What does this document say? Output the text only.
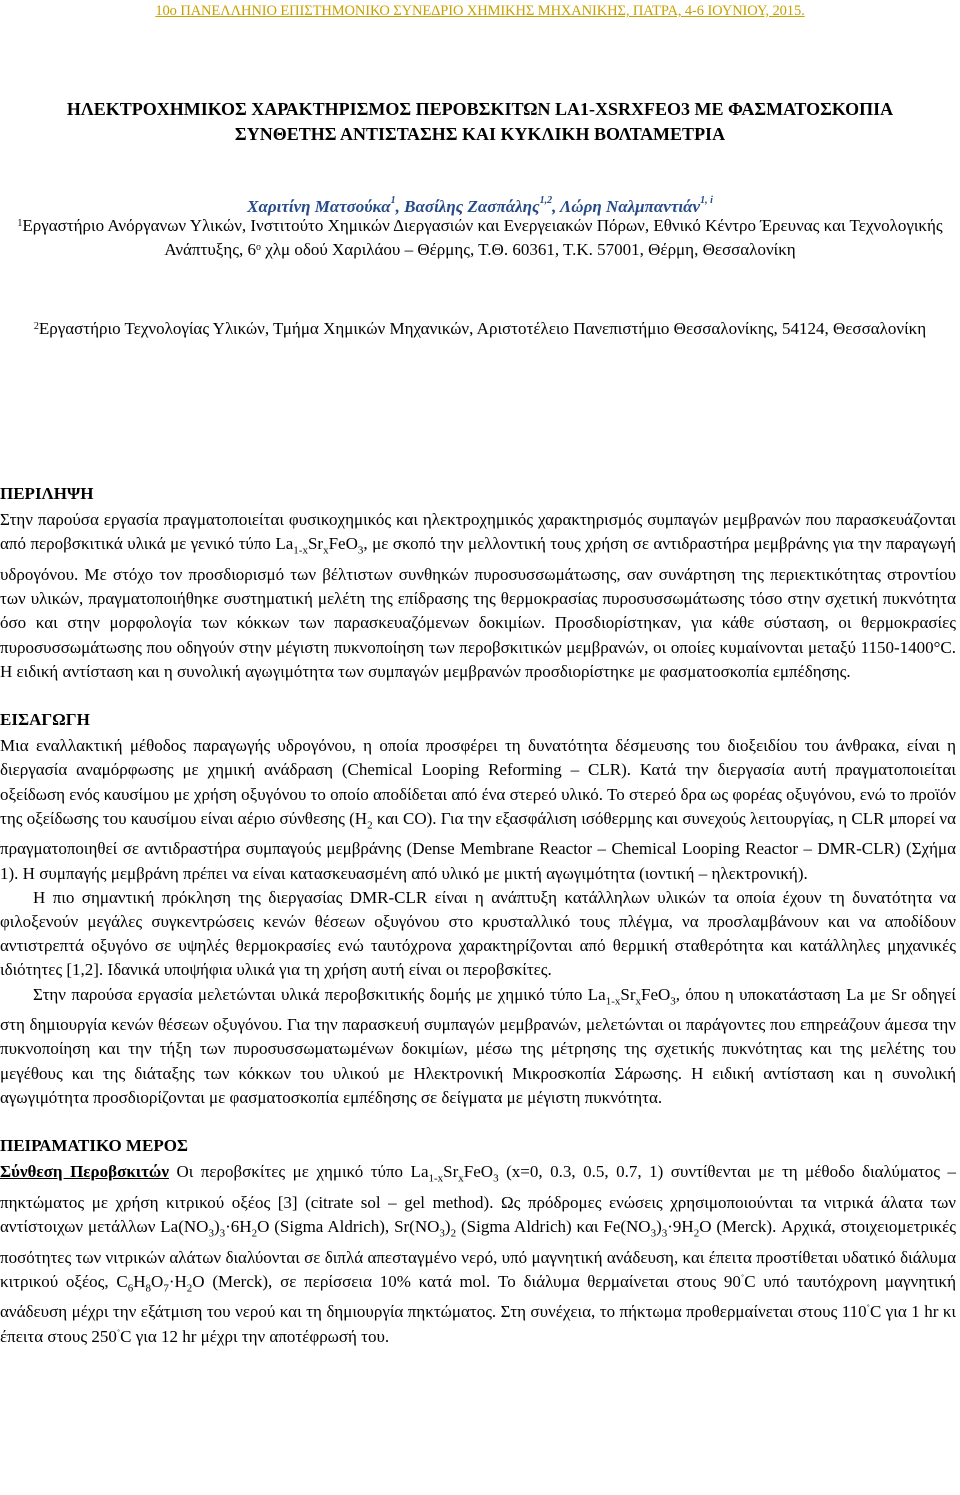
10ο ΠΑΝΕΛΛΗΝΙΟ ΕΠΙΣΤΗΜΟΝΙΚΟ ΣΥΝΕΔΡΙΟ ΧΗΜΙΚΗΣ ΜΗΧΑΝΙΚΗΣ, ΠΑΤΡΑ, 4-6 ΙΟΥΝΙΟΥ, 2015.
ΗΛΕΚΤΡΟΧΗΜΙΚΟΣ ΧΑΡΑΚΤΗΡΙΣΜΟΣ ΠΕΡΟΒΣΚΙΤΩΝ LA1-XSRXFEO3 ΜΕ ΦΑΣΜΑΤΟΣΚΟΠΙΑ ΣΥΝΘΕΤΗΣ ΑΝΤΙΣΤΑΣΗΣ ΚΑΙ ΚΥΚΛΙΚΗ ΒΟΛΤΑΜΕΤΡΙΑ
Χαριτίνη Ματσούκα$^1$, Βασίλης Ζασπάλης$^{1,2}$, Λώρη Ναλμπαντιάν$^{1, i}$
$^1$Εργαστήριο Ανόργανων Υλικών, Ινστιτούτο Χημικών Διεργασιών και Ενεργειακών Πόρων, Εθνικό Κέντρο Έρευνας και Τεχνολογικής Ανάπτυξης, $6^o$ χλμ οδού Χαριλάου – Θέρμης, Τ.Θ. 60361, Τ.Κ. 57001, Θέρμη, Θεσσαλονίκη
$^2$Εργαστήριο Τεχνολογίας Υλικών, Τμήμα Χημικών Μηχανικών, Αριστοτέλειο Πανεπιστήμιο Θεσσαλονίκης, 54124, Θεσσαλονίκη
ΠΕΡΙΛΗΨΗ

Στην παρούσα εργασία πραγματοποιείται φυσικοχημικός και ηλεκτροχημικός χαρακτηρισμός συμπαγών μεμβρανών που παρασκευάζονται από περοβσκιτικά υλικά με γενικό τύπο $La_{1-x}Sr_xFeO_3$, με σκοπό την μελλοντική τους χρήση σε αντιδραστήρα μεμβράνης για την παραγωγή υδρογόνου. Με στόχο τον προσδιορισμό των βέλτιστων συνθηκών πυροσυσσωμάτωσης, σαν συνάρτηση της περιεκτικότητας στροντίου των υλικών, πραγματοποιήθηκε συστηματική μελέτη της επίδρασης της θερμοκρασίας πυροσυσσωμάτωσης τόσο στην σχετική πυκνότητα όσο και στην μορφολογία των κόκκων των παρασκευαζόμενων δοκιμίων. Προσδιορίστηκαν, για κάθε σύσταση, οι θερμοκρασίες πυροσυσσωμάτωσης που οδηγούν στην μέγιστη πυκνοποίηση των περοβσκιτικών μεμβρανών, οι οποίες κυμαίνονται μεταξύ 1150-1400°C. Η ειδική αντίσταση και η συνολική αγωγιμότητα των συμπαγών μεμβρανών προσδιορίστηκε με φασματοσκοπία εμπέδησης.

ΕΙΣΑΓΩΓΗ

Μια εναλλακτική μέθοδος παραγωγής υδρογόνου, η οποία προσφέρει τη δυνατότητα δέσμευσης του διοξειδίου του άνθρακα, είναι η διεργασία αναμόρφωσης με χημική ανάδραση (Chemical Looping Reforming – CLR). Κατά την διεργασία αυτή πραγματοποιείται οξείδωση ενός καυσίμου με χρήση οξυγόνου το οποίο αποδίδεται από ένα στερεό υλικό. Το στερεό δρα ως φορέας οξυγόνου, ενώ το προϊόν της οξείδωσης του καυσίμου είναι αέριο σύνθεσης ($H_2$ και CO). Για την εξασφάλιση ισόθερμης και συνεχούς λειτουργίας, η CLR μπορεί να πραγματοποιηθεί σε αντιδραστήρα συμπαγούς μεμβράνης (Dense Membrane Reactor – Chemical Looping Reactor – DMR-CLR) (Σχήμα 1). Η συμπαγής μεμβράνη πρέπει να είναι κατασκευασμένη από υλικό με μικτή αγωγιμότητα (ιοντική – ηλεκτρονική).

Η πιο σημαντική πρόκληση της διεργασίας DMR-CLR είναι η ανάπτυξη κατάλληλων υλικών τα οποία έχουν τη δυνατότητα να φιλοξενούν μεγάλες συγκεντρώσεις κενών θέσεων οξυγόνου στο κρυσταλλικό τους πλέγμα, να προσλαμβάνουν και να αποδίδουν αντιστρεπτά οξυγόνο σε υψηλές θερμοκρασίες ενώ ταυτόχρονα χαρακτηρίζονται από θερμική σταθερότητα και κατάλληλες μηχανικές ιδιότητες [1,2]. Ιδανικά υποψήφια υλικά για τη χρήση αυτή είναι οι περοβσκίτες.

Στην παρούσα εργασία μελετώνται υλικά περοβσκιτικής δομής με χημικό τύπο $La_{1-x}Sr_xFeO_3$, όπου η υποκατάσταση La με Sr οδηγεί στη δημιουργία κενών θέσεων οξυγόνου. Για την παρασκευή συμπαγών μεμβρανών, μελετώνται οι παράγοντες που επηρεάζουν άμεσα την πυκνοποίηση και την τήξη των πυροσυσσωματωμένων δοκιμίων, μέσω της μέτρησης της σχετικής πυκνότητας και της μελέτης του μεγέθους και της διάταξης των κόκκων του υλικού με Ηλεκτρονική Μικροσκοπία Σάρωσης. Η ειδική αντίσταση και η συνολική αγωγιμότητα προσδιορίζονται με φασματοσκοπία εμπέδησης σε δείγματα με μέγιστη πυκνότητα.

ΠΕΙΡΑΜΑΤΙΚΟ ΜΕΡΟΣ

Σύνθεση Περοβσκιτών Οι περοβσκίτες με χημικό τύπο $La_{1-x}Sr_xFeO_3$ (x=0, 0.3, 0.5, 0.7, 1) συντίθενται με τη μέθοδο διαλύματος – πηκτώματος με χρήση κιτρικού οξέος [3] (citrate sol – gel method). Ως πρόδρομες ενώσεις χρησιμοποιούνται τα νιτρικά άλατα των αντίστοιχων μετάλλων $La(NO_3)_3\cdot 6H_2O$ (Sigma Aldrich), $Sr(NO_3)_2$ (Sigma Aldrich) και $Fe(NO_3)_3\cdot 9H_2O$ (Merck). Αρχικά, στοιχειομετρικές ποσότητες των νιτρικών αλάτων διαλύονται σε διπλά απεσταγμένο νερό, υπό μαγνητική ανάδευση, και έπειτα προστίθεται υδατικό διάλυμα κιτρικού οξέος, $C_6H_8O_7\cdot H_2O$ (Merck), σε περίσσεια 10% κατά mol. Το διάλυμα θερμαίνεται στους 90˚C υπό ταυτόχρονη μαγνητική ανάδευση μέχρι την εξάτμιση του νερού και τη δημιουργία πηκτώματος. Στη συνέχεια, το πήκτωμα προθερμαίνεται στους 110˚C για 1 hr κι έπειτα στους 250˚C για 12 hr μέχρι την αποτέφρωσή του.
